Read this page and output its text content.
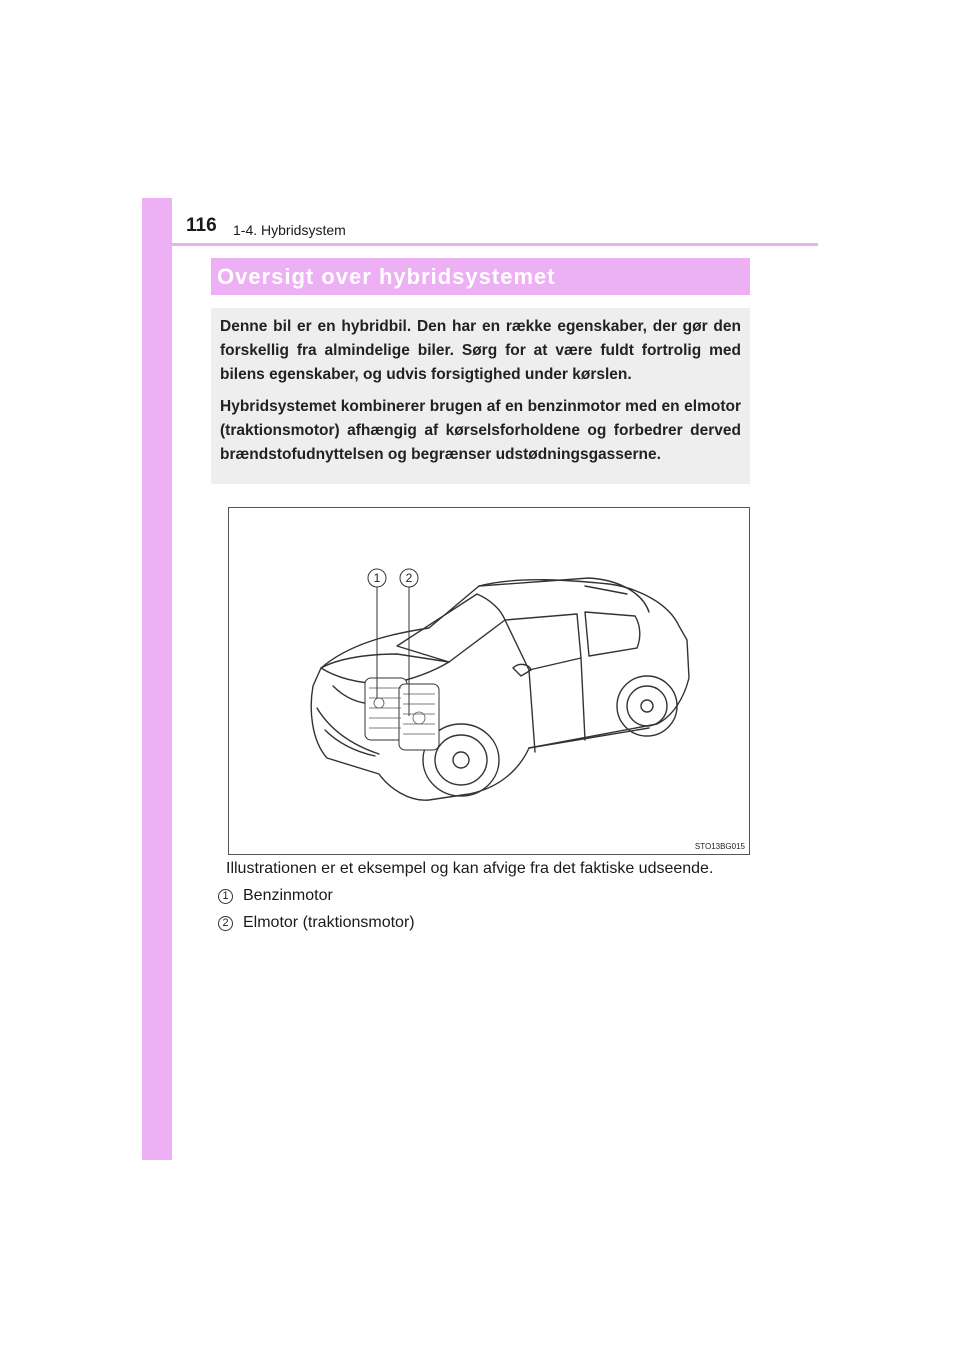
116 1-4. Hybridsystem
Oversigt over hybridsystemet

Denne bil er en hybridbil. Den har en række egenskaber, der gør den forskellig fra almindelige biler. Sørg for at være fuldt fortrolig med bilens egenskaber, og udvis forsigtighed under kørslen.

Hybridsystemet kombinerer brugen af en benzinmotor med en elmotor (traktionsmotor) afhængig af kørselsforholdene og forbedrer derved brændstofudnyttelsen og begrænser udstødningsgasserne.

1 2
STO13BG015
Illustrationen er et eksempel og kan afvige fra det faktiske udseende.
1 Benzinmotor
2 Elmotor (traktionsmotor)
